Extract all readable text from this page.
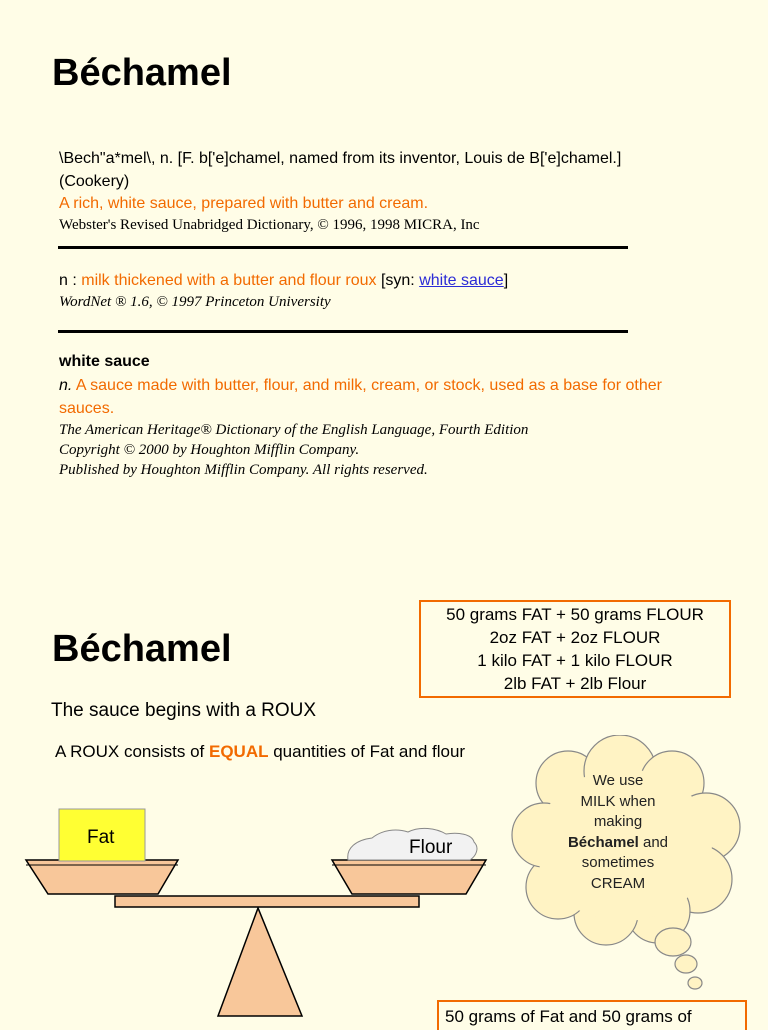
Béchamel
\Bech"a*mel\, n. [F. b['e]chamel, named from its inventor, Louis de B['e]chamel.] (Cookery)
A rich, white sauce, prepared with butter and cream.
Webster's Revised Unabridged Dictionary, © 1996, 1998 MICRA, Inc
n : milk thickened with a butter and flour roux [syn: white sauce]
WordNet ® 1.6, © 1997 Princeton University
white sauce
n. A sauce made with butter, flour, and milk, cream, or stock, used as a base for other sauces.
The American Heritage® Dictionary of the English Language, Fourth Edition
Copyright © 2000 by Houghton Mifflin Company.
Published by Houghton Mifflin Company. All rights reserved.
Béchamel
50 grams FAT + 50 grams FLOUR
2oz FAT + 2oz FLOUR
1 kilo FAT + 1 kilo FLOUR
2lb FAT + 2lb Flour
The sauce begins with a ROUX
A ROUX consists of EQUAL quantities of Fat and flour
Fat	Flour
We use
MILK when
making
Béchamel and
sometimes
CREAM
50 grams of Fat and 50 grams of
